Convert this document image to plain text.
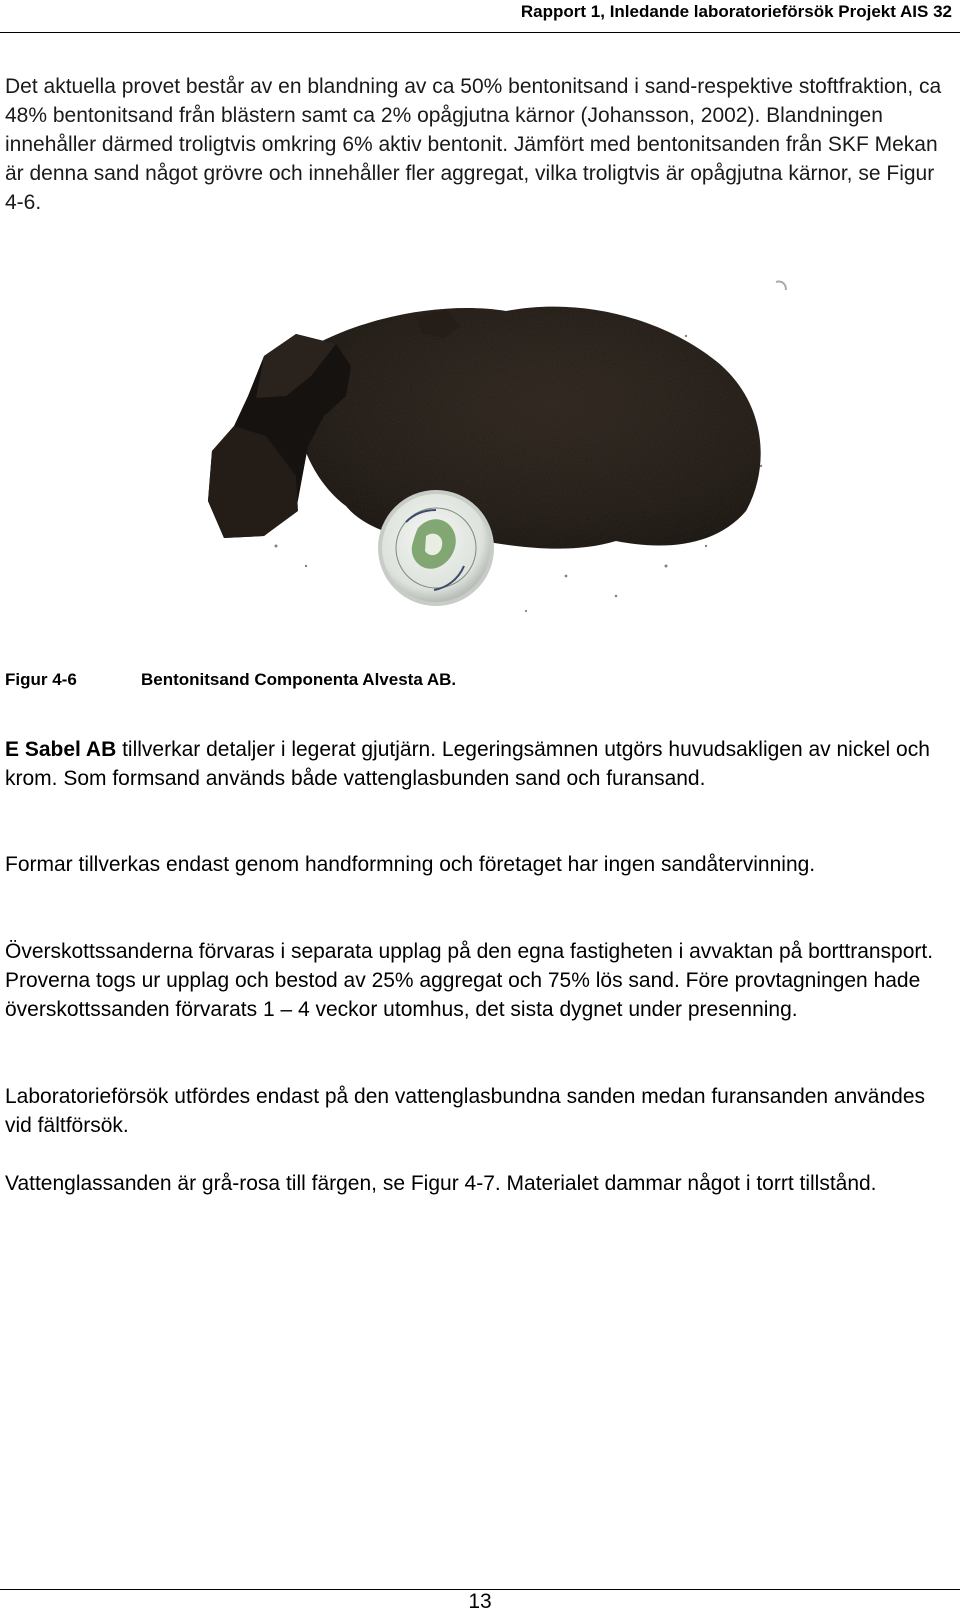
Rapport 1, Inledande laboratorieförsök Projekt AIS 32

Det aktuella provet består av en blandning av ca 50% bentonitsand i sand-respektive stoftfraktion, ca 48% bentonitsand från blästern samt ca 2% opågjutna kärnor (Johansson, 2002). Blandningen innehåller därmed troligtvis omkring 6% aktiv bentonit. Jämfört med bentonitsanden från SKF Mekan är denna sand något grövre och innehåller fler aggregat, vilka troligtvis är opågjutna kärnor, se Figur 4-6.

Figur 4-6	Bentonitsand Componenta Alvesta AB.

E Sabel AB tillverkar detaljer i legerat gjutjärn. Legeringsämnen utgörs huvudsakligen av nickel och krom. Som formsand används både vattenglasbunden sand och furansand.

Formar tillverkas endast genom handformning och företaget har ingen sandåtervinning.

Överskottssanderna förvaras i separata upplag på den egna fastigheten i avvaktan på borttransport. Proverna togs ur upplag och bestod av 25% aggregat och 75% lös sand. Före provtagningen hade överskottssanden förvarats 1 – 4 veckor utomhus, det sista dygnet under presenning.

Laboratorieförsök utfördes endast på den vattenglasbundna sanden medan furansanden användes vid fältförsök.

Vattenglassanden är grå-rosa till färgen, se Figur 4-7. Materialet dammar något i torrt tillstånd.

13
